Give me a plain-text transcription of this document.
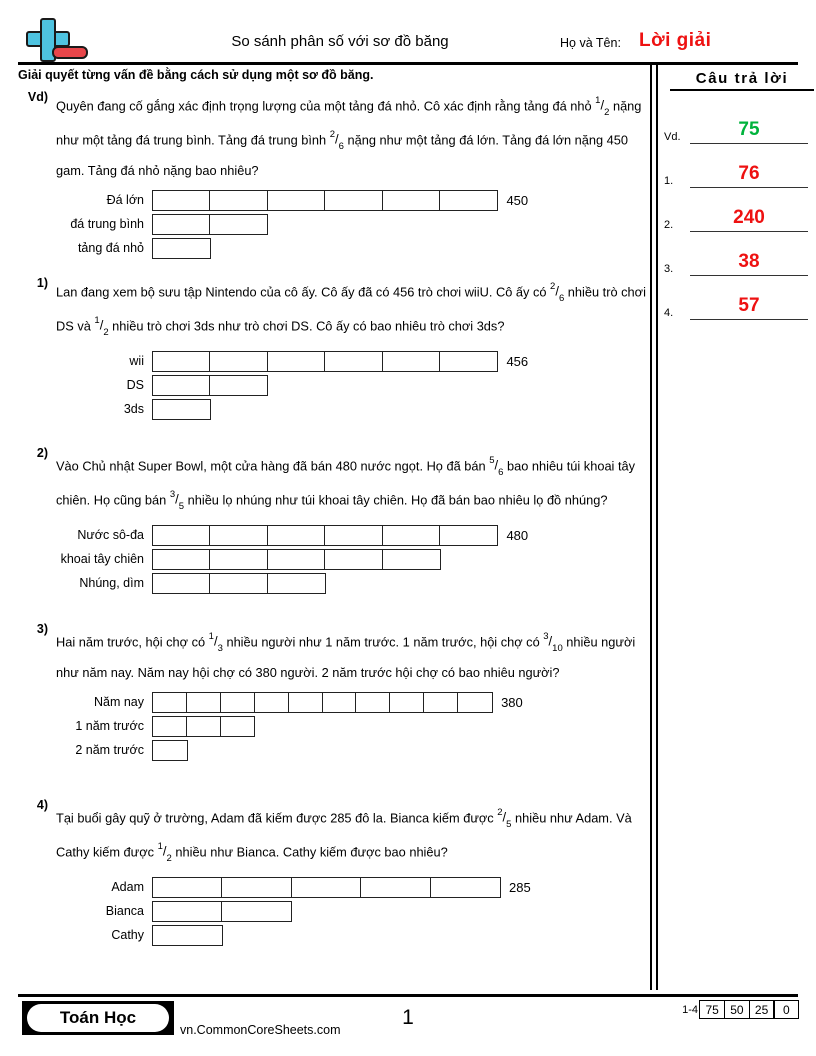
So sánh phân số với sơ đồ băng	Họ và Tên: Lời giải
Giải quyết từng vấn đề bằng cách sử dụng một sơ đồ băng.
Vd)
Quyên đang cố gắng xác định trọng lượng của một tảng đá nhỏ. Cô xác định rằng tảng đá nhỏ $^1/_2$ nặng như một tảng đá trung bình. Tảng đá trung bình $^2/_6$ nặng như một tảng đá lớn. Tảng đá lớn nặng 450 gam. Tảng đá nhỏ nặng bao nhiêu?
Đá lớn	450
đá trung bình
tảng đá nhỏ
1)
Lan đang xem bộ sưu tập Nintendo của cô ấy. Cô ấy đã có 456 trò chơi wiiU. Cô ấy có $^2/_6$ nhiều trò chơi DS và $^1/_2$ nhiều trò chơi 3ds như trò chơi DS. Cô ấy có bao nhiêu trò chơi 3ds?
wii	456
DS
3ds
2)
Vào Chủ nhật Super Bowl, một cửa hàng đã bán 480 nước ngọt. Họ đã bán $^5/_6$ bao nhiêu túi khoai tây chiên. Họ cũng bán $^3/_5$ nhiều lọ nhúng như túi khoai tây chiên. Họ đã bán bao nhiêu lọ đồ nhúng?
Nước sô-đa	480
khoai tây chiên
Nhúng, dìm
3)
Hai năm trước, hội chợ có $^1/_3$ nhiều người như 1 năm trước. 1 năm trước, hội chợ có $^3/_{10}$ nhiều người như năm nay. Năm nay hội chợ có 380 người. 2 năm trước hội chợ có bao nhiêu người?
Năm nay	380
1 năm trước
2 năm trước
4)
Tại buổi gây quỹ ở trường, Adam đã kiếm được 285 đô la. Bianca kiếm được $^2/_5$ nhiều như Adam. Và Cathy kiếm được $^1/_2$ nhiều như Bianca. Cathy kiếm được bao nhiêu?
Adam	285
Bianca
Cathy
Câu trả lời
Vd.	75
1.	76
2.	240
3.	38
4.	57
Toán Học
vn.CommonCoreSheets.com
1	1-4 75 50 25	0
